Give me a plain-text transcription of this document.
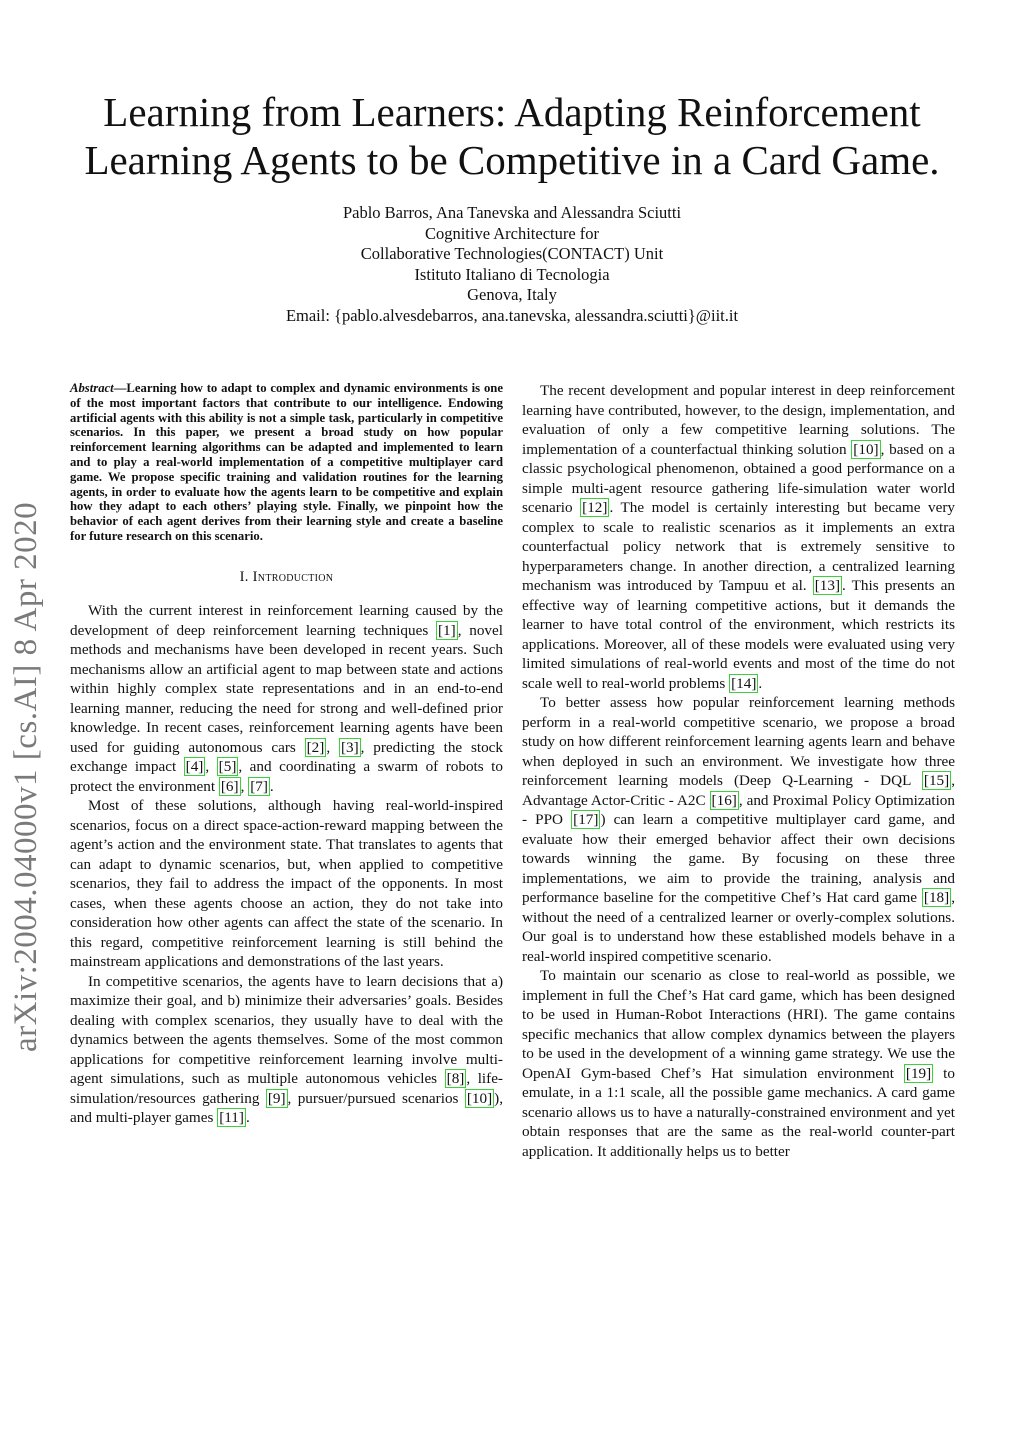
Learning from Learners: Adapting Reinforcement
Learning Agents to be Competitive in a Card Game.
Pablo Barros, Ana Tanevska and Alessandra Sciutti
Cognitive Architecture for
Collaborative Technologies(CONTACT) Unit
Istituto Italiano di Tecnologia
Genova, Italy
Email: {pablo.alvesdebarros, ana.tanevska, alessandra.sciutti}@iit.it
arXiv:2004.04000v1 [cs.AI] 8 Apr 2020
Abstract—Learning how to adapt to complex and dynamic environments is one of the most important factors that contribute to our intelligence. Endowing artificial agents with this ability is not a simple task, particularly in competitive scenarios. In this paper, we present a broad study on how popular reinforcement learning algorithms can be adapted and implemented to learn and to play a real-world implementation of a competitive multiplayer card game. We propose specific training and validation routines for the learning agents, in order to evaluate how the agents learn to be competitive and explain how they adapt to each others’ playing style. Finally, we pinpoint how the behavior of each agent derives from their learning style and create a baseline for future research on this scenario.
I. Introduction

With the current interest in reinforcement learning caused by the development of deep reinforcement learning techniques [1] , novel methods and mechanisms have been developed in recent years. Such mechanisms allow an artificial agent to map between state and actions within highly complex state representations and in an end-to-end learning manner, reducing the need for strong and well-defined prior knowledge. In recent cases, reinforcement learning agents have been used for guiding autonomous cars [2] , [3] , predicting the stock exchange impact [4] , [5] , and coordinating a swarm of robots to protect the environment [6] , [7] .

Most of these solutions, although having real-world-inspired scenarios, focus on a direct space-action-reward mapping between the agent’s action and the environment state. That translates to agents that can adapt to dynamic scenarios, but, when applied to competitive scenarios, they fail to address the impact of the opponents. In most cases, when these agents choose an action, they do not take into consideration how other agents can affect the state of the scenario. In this regard, competitive reinforcement learning is still behind the mainstream applications and demonstrations of the last years.

In competitive scenarios, the agents have to learn decisions that a) maximize their goal, and b) minimize their adversaries’ goals. Besides dealing with complex scenarios, they usually have to deal with the dynamics between the agents themselves. Some of the most common applications for competitive reinforcement learning involve multi-agent simulations, such as multiple autonomous vehicles [8] , life-simulation/resources gathering [9] , pursuer/pursued scenarios [10] ), and multi-player games [11] .

The recent development and popular interest in deep reinforcement learning have contributed, however, to the design, implementation, and evaluation of only a few competitive learning solutions. The implementation of a counterfactual thinking solution [10] , based on a classic psychological phenomenon, obtained a good performance on a simple multi-agent resource gathering life-simulation water world scenario [12] . The model is certainly interesting but became very complex to scale to realistic scenarios as it implements an extra counterfactual policy network that is extremely sensitive to hyperparameters change. In another direction, a centralized learning mechanism was introduced by Tampuu et al. [13] . This presents an effective way of learning competitive actions, but it demands the learner to have total control of the environment, which restricts its applications. Moreover, all of these models were evaluated using very limited simulations of real-world events and most of the time do not scale well to real-world problems [14] .

To better assess how popular reinforcement learning methods perform in a real-world competitive scenario, we propose a broad study on how different reinforcement learning agents learn and behave when deployed in such an environment. We investigate how three reinforcement learning models (Deep Q-Learning - DQL [15] , Advantage Actor-Critic - A2C [16] , and Proximal Policy Optimization - PPO [17] ) can learn a competitive multiplayer card game, and evaluate how their emerged behavior affect their own decisions towards winning the game. By focusing on these three implementations, we aim to provide the training, analysis and performance baseline for the competitive Chef’s Hat card game [18] , without the need of a centralized learner or overly-complex solutions. Our goal is to understand how these established models behave in a real-world inspired competitive scenario.

To maintain our scenario as close to real-world as possible, we implement in full the Chef’s Hat card game, which has been designed to be used in Human-Robot Interactions (HRI). The game contains specific mechanics that allow complex dynamics between the players to be used in the development of a winning game strategy. We use the OpenAI Gym-based Chef’s Hat simulation environment [19] to emulate, in a 1:1 scale, all the possible game mechanics. A card game scenario allows us to have a naturally-constrained environment and yet obtain responses that are the same as the real-world counter-part application. It additionally helps us to better
